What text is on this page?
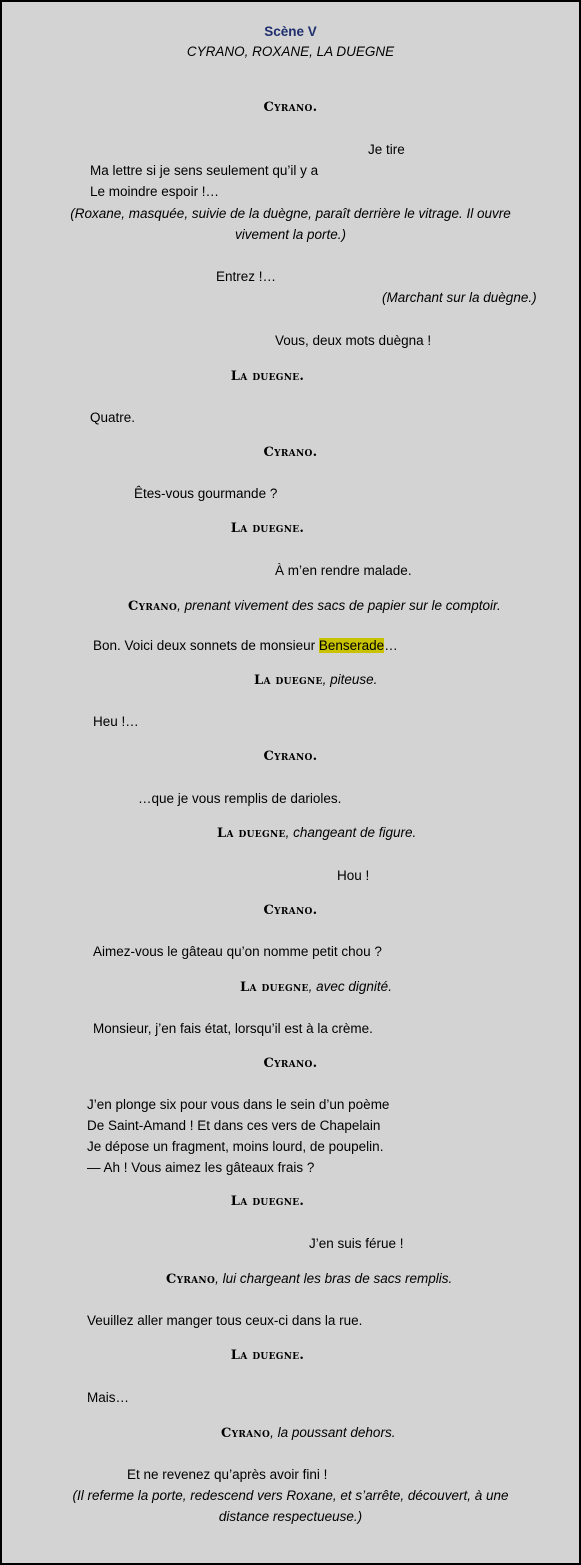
Scène V
CYRANO, ROXANE, LA DUEGNE
Cyrano.
Je tire
Ma lettre si je sens seulement qu’il y a
Le moindre espoir !…
(Roxane, masquée, suivie de la duègne, paraît derrière le vitrage. Il ouvre
vivement la porte.)
Entrez !…
(Marchant sur la duègne.)
Vous, deux mots duègna !
La duegne.
Quatre.
Cyrano.
Êtes-vous gourmande ?
La duegne.
À m’en rendre malade.
Cyrano, prenant vivement des sacs de papier sur le comptoir.
Bon. Voici deux sonnets de monsieur Benserade…
La duegne, piteuse.
Heu !…
Cyrano.
…que je vous remplis de darioles.
La duegne, changeant de figure.
Hou !
Cyrano.
Aimez-vous le gâteau qu’on nomme petit chou ?
La duegne, avec dignité.
Monsieur, j’en fais état, lorsqu’il est à la crème.
Cyrano.
J’en plonge six pour vous dans le sein d’un poème
De Saint-Amand ! Et dans ces vers de Chapelain
Je dépose un fragment, moins lourd, de poupelin.
— Ah ! Vous aimez les gâteaux frais ?
La duegne.
J’en suis férue !
Cyrano, lui chargeant les bras de sacs remplis.
Veuillez aller manger tous ceux-ci dans la rue.
La duegne.
Mais…
Cyrano, la poussant dehors.
Et ne revenez qu’après avoir fini !
(Il referme la porte, redescend vers Roxane, et s’arrête, découvert, à une
distance respectueuse.)
